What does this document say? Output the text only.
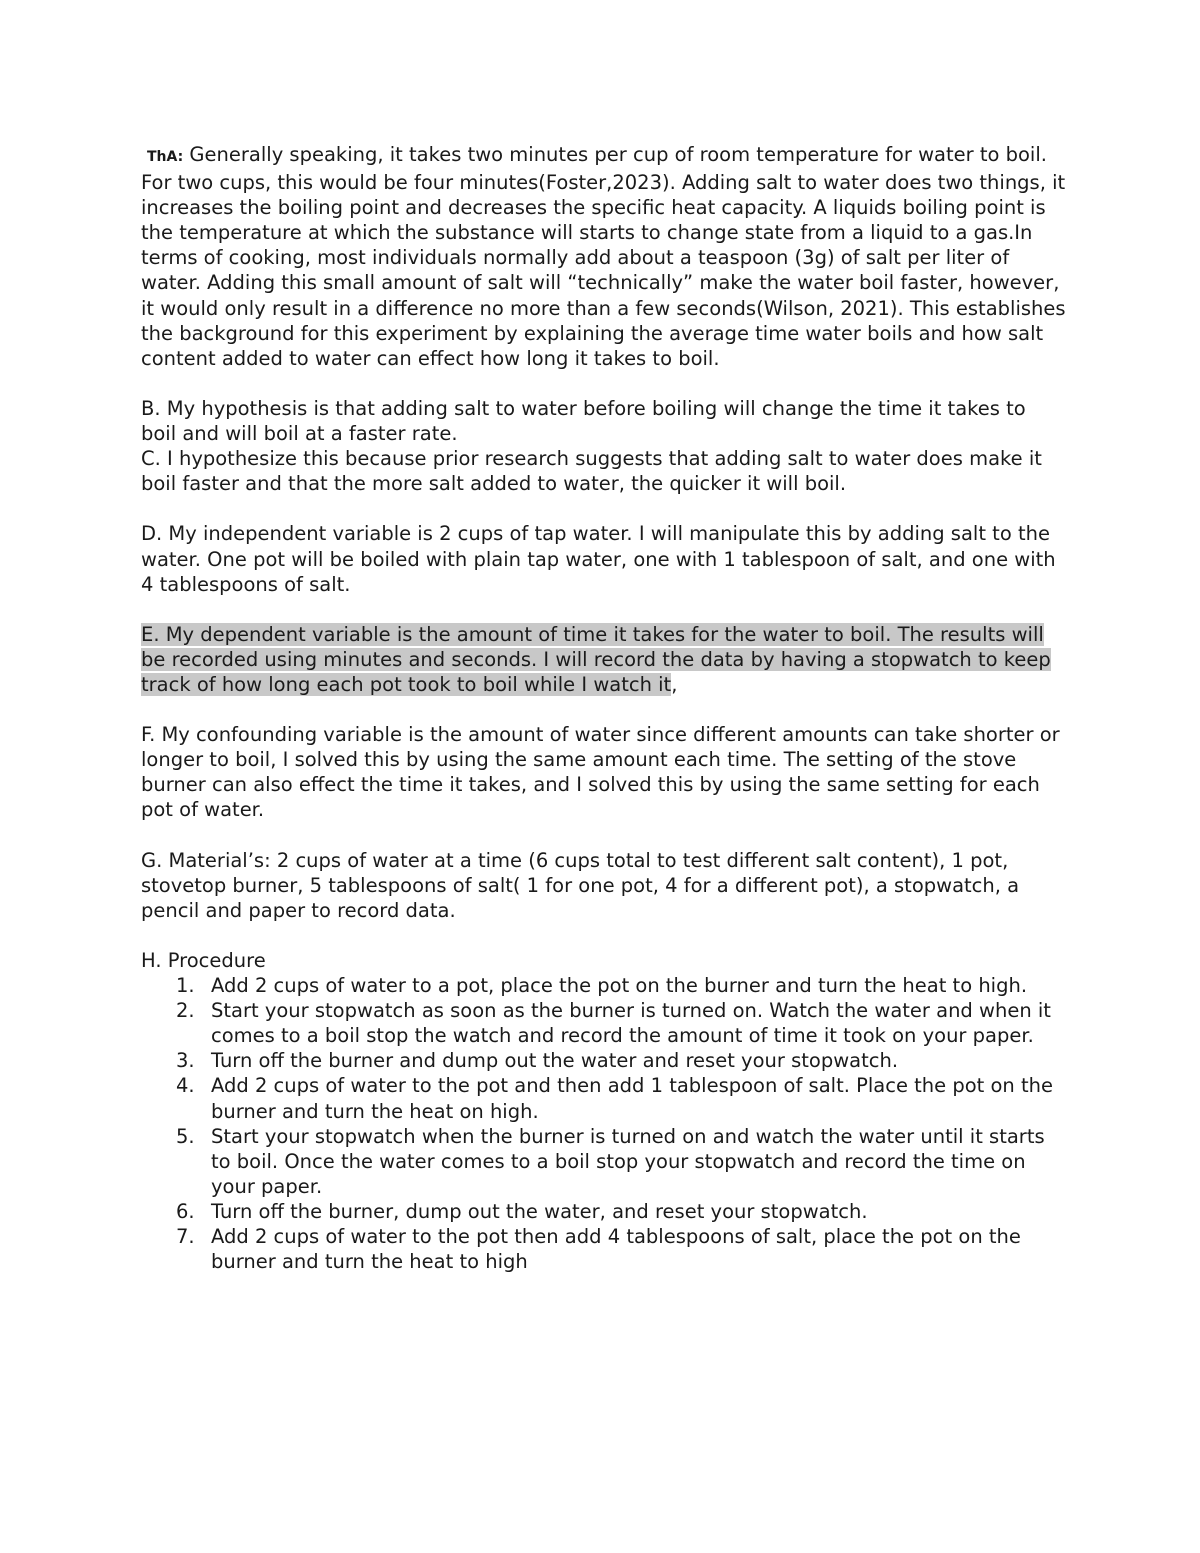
ThA: Generally speaking, it takes two minutes per cup of room temperature for water to boil. For two cups, this would be four minutes(Foster,2023). Adding salt to water does two things, it increases the boiling point and decreases the specific heat capacity. A liquids boiling point is the temperature at which the substance will starts to change state from a liquid to a gas.In terms of cooking, most individuals normally add about a teaspoon (3g) of salt per liter of water. Adding this small amount of salt will “technically” make the water boil faster, however, it would only result in a difference no more than a few seconds(Wilson, 2021). This establishes the background for this experiment by explaining the average time water boils and how salt content added to water can effect how long it takes to boil.

B. My hypothesis is that adding salt to water before boiling will change the time it takes to boil and will boil at a faster rate.

C. I hypothesize this because prior research suggests that adding salt to water does make it boil faster and that the more salt added to water, the quicker it will boil.

D. My independent variable is 2 cups of tap water. I will manipulate this by adding salt to the water. One pot will be boiled with plain tap water, one with 1 tablespoon of salt, and one with 4 tablespoons of salt.

E. My dependent variable is the amount of time it takes for the water to boil. The results will be recorded using minutes and seconds. I will record the data by having a stopwatch to keep track of how long each pot took to boil while I watch it,

F. My confounding variable is the amount of water since different amounts can take shorter or longer to boil, I solved this by using the same amount each time. The setting of the stove burner can also effect the time it takes, and I solved this by using the same setting for each pot of water.

G. Material’s: 2 cups of water at a time (6 cups total to test different salt content), 1 pot, stovetop burner, 5 tablespoons of salt( 1 for one pot, 4 for a different pot), a stopwatch, a pencil and paper to record data.

H. Procedure

1. Add 2 cups of water to a pot, place the pot on the burner and turn the heat to high.
2. Start your stopwatch as soon as the burner is turned on. Watch the water and when it comes to a boil stop the watch and record the amount of time it took on your paper.
3. Turn off the burner and dump out the water and reset your stopwatch.
4. Add 2 cups of water to the pot and then add 1 tablespoon of salt. Place the pot on the burner and turn the heat on high.
5. Start your stopwatch when the burner is turned on and watch the water until it starts to boil. Once the water comes to a boil stop your stopwatch and record the time on your paper.
6. Turn off the burner, dump out the water, and reset your stopwatch.
7. Add 2 cups of water to the pot then add 4 tablespoons of salt, place the pot on the burner and turn the heat to high
